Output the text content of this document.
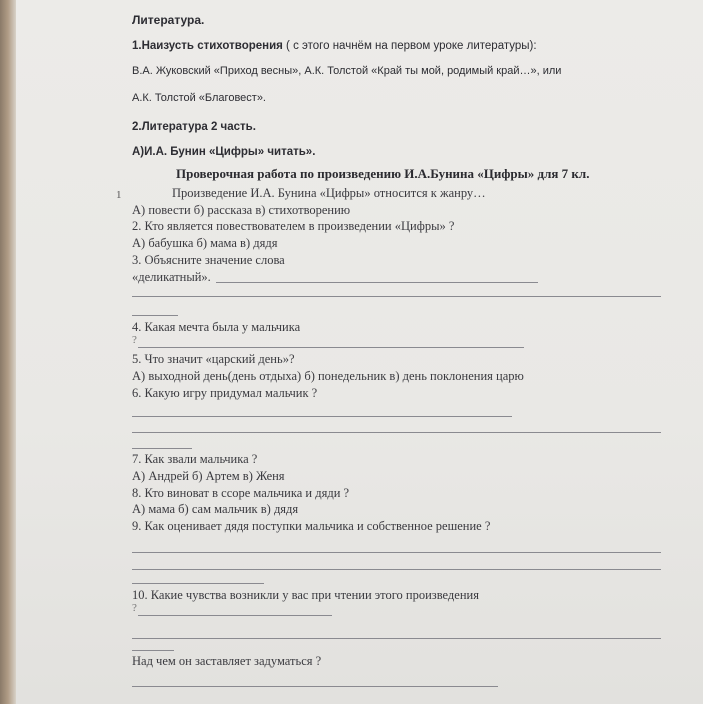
Литература.
1.Наизусть стихотворения ( с этого начнём на первом уроке литературы):
В.А. Жуковский «Приход весны», А.К. Толстой «Край ты мой, родимый край…», или
А.К. Толстой «Благовест».
2.Литература 2 часть.
А)И.А. Бунин «Цифры» читать».
Проверочная работа по произведению И.А.Бунина «Цифры» для 7 кл.
1	Произведение И.А. Бунина «Цифры» относится к жанру…
А) повести б) рассказа в) стихотворению
2. Кто является повествователем в произведении «Цифры» ?
А) бабушка б) мама в) дядя
3. Объясните значение слова
«деликатный».
4. Какая мечта была у мальчика
?
5. Что значит «царский день»?
А) выходной день(день отдыха) б) понедельник в) день поклонения царю
6. Какую игру придумал мальчик ?
7. Как звали мальчика ?
А) Андрей б) Артем в) Женя
8. Кто виноват в ссоре мальчика и дяди ?
А) мама б) сам мальчик в) дядя
9. Как оценивает дядя поступки мальчика и собственное решение ?
10. Какие чувства возникли у вас при чтении этого произведения
?
Над чем он заставляет задуматься ?
